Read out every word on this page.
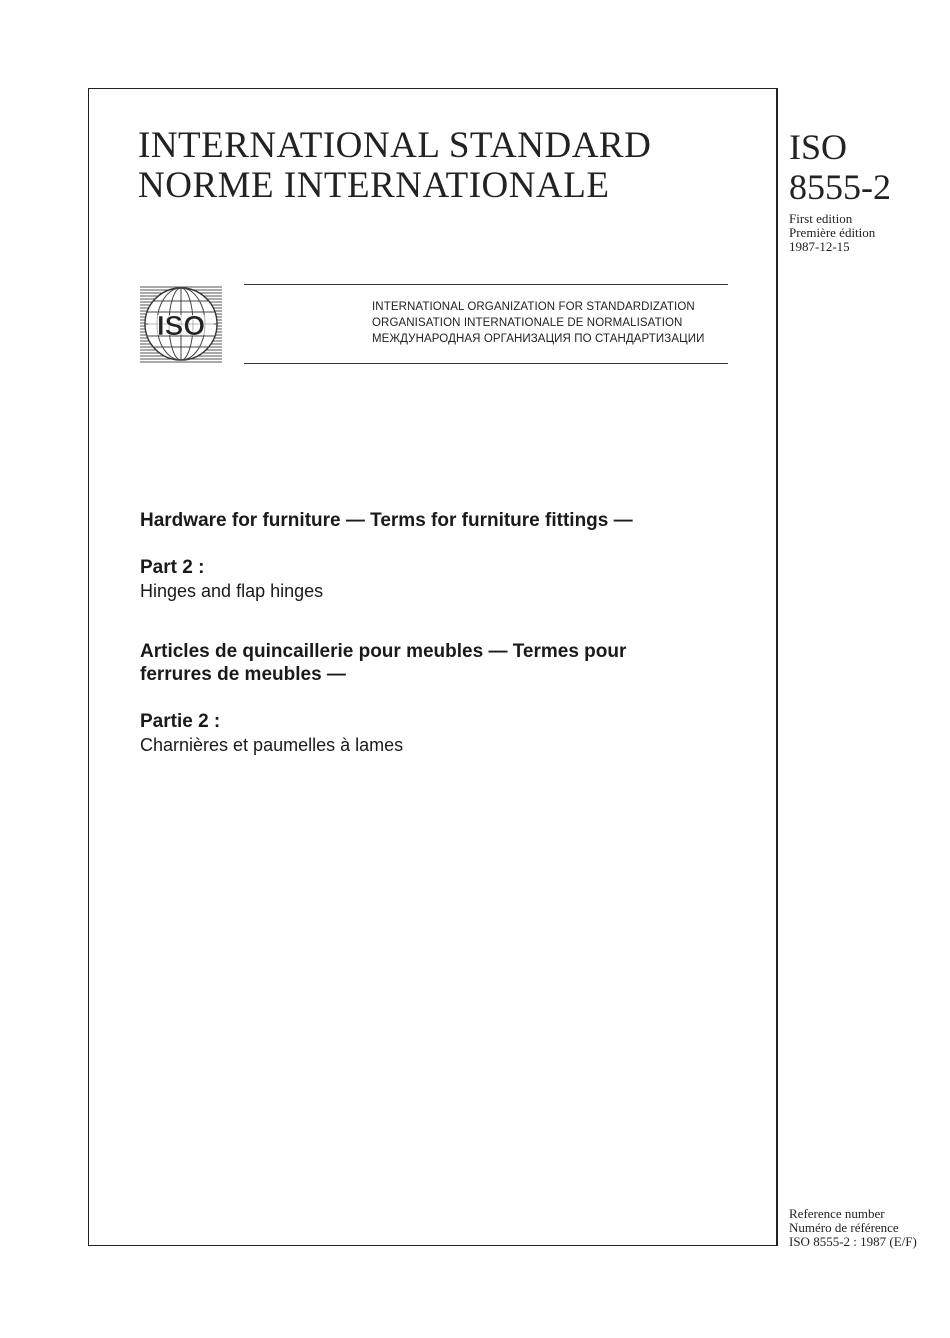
INTERNATIONAL STANDARD
NORME INTERNATIONALE
ISO
8555-2
First edition
Première édition
1987-12-15
ISO
INTERNATIONAL ORGANIZATION FOR STANDARDIZATION
ORGANISATION INTERNATIONALE DE NORMALISATION
МЕЖДУНАРОДНАЯ ОРГАНИЗАЦИЯ ПО СТАНДАРТИЗАЦИИ
Hardware for furniture — Terms for furniture fittings —
Part 2 :
Hinges and flap hinges
Articles de quincaillerie pour meubles — Termes pour
ferrures de meubles —
Partie 2 :
Charnières et paumelles à lames
Reference number
Numéro de référence
ISO 8555-2 : 1987 (E/F)
